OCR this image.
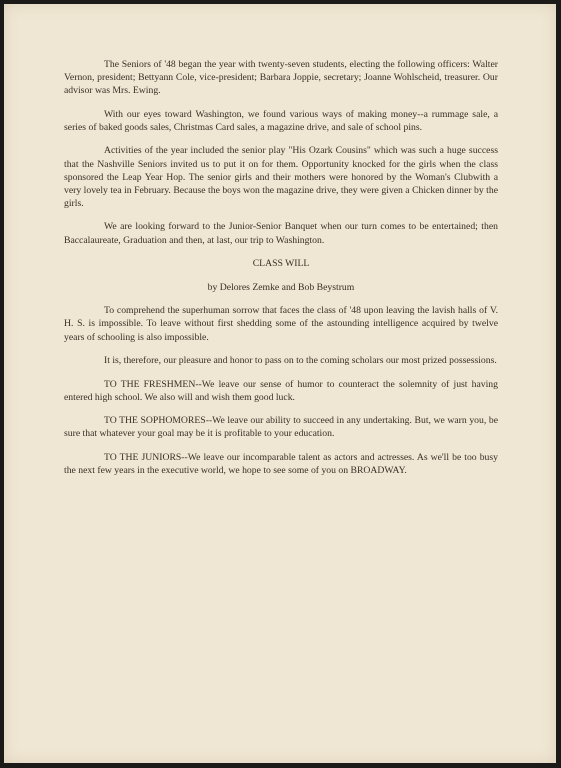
The Seniors of '48 began the year with twenty-seven students, electing the following officers: Walter Vernon, president; Bettyann Cole, vice-president; Barbara Joppie, secretary; Joanne Wohlscheid, treasurer. Our advisor was Mrs. Ewing.

With our eyes toward Washington, we found various ways of making money--a rummage sale, a series of baked goods sales, Christmas Card sales, a magazine drive, and sale of school pins.

Activities of the year included the senior play "His Ozark Cousins" which was such a huge success that the Nashville Seniors invited us to put it on for them. Opportunity knocked for the girls when the class sponsored the Leap Year Hop. The senior girls and their mothers were honored by the Woman's Clubwith a very lovely tea in February. Because the boys won the magazine drive, they were given a Chicken dinner by the girls.

We are looking forward to the Junior-Senior Banquet when our turn comes to be entertained; then Baccalaureate, Graduation and then, at last, our trip to Washington.

CLASS WILL

by Delores Zemke and Bob Beystrum

To comprehend the superhuman sorrow that faces the class of '48 upon leaving the lavish halls of V. H. S. is impossible. To leave without first shedding some of the astounding intelligence acquired by twelve years of schooling is also impossible.

It is, therefore, our pleasure and honor to pass on to the coming scholars our most prized possessions.

TO THE FRESHMEN--We leave our sense of humor to counteract the solemnity of just having entered high school. We also will and wish them good luck.

TO THE SOPHOMORES--We leave our ability to succeed in any undertaking. But, we warn you, be sure that whatever your goal may be it is profitable to your education.

TO THE JUNIORS--We leave our incomparable talent as actors and actresses. As we'll be too busy the next few years in the executive world, we hope to see some of you on BROADWAY.
